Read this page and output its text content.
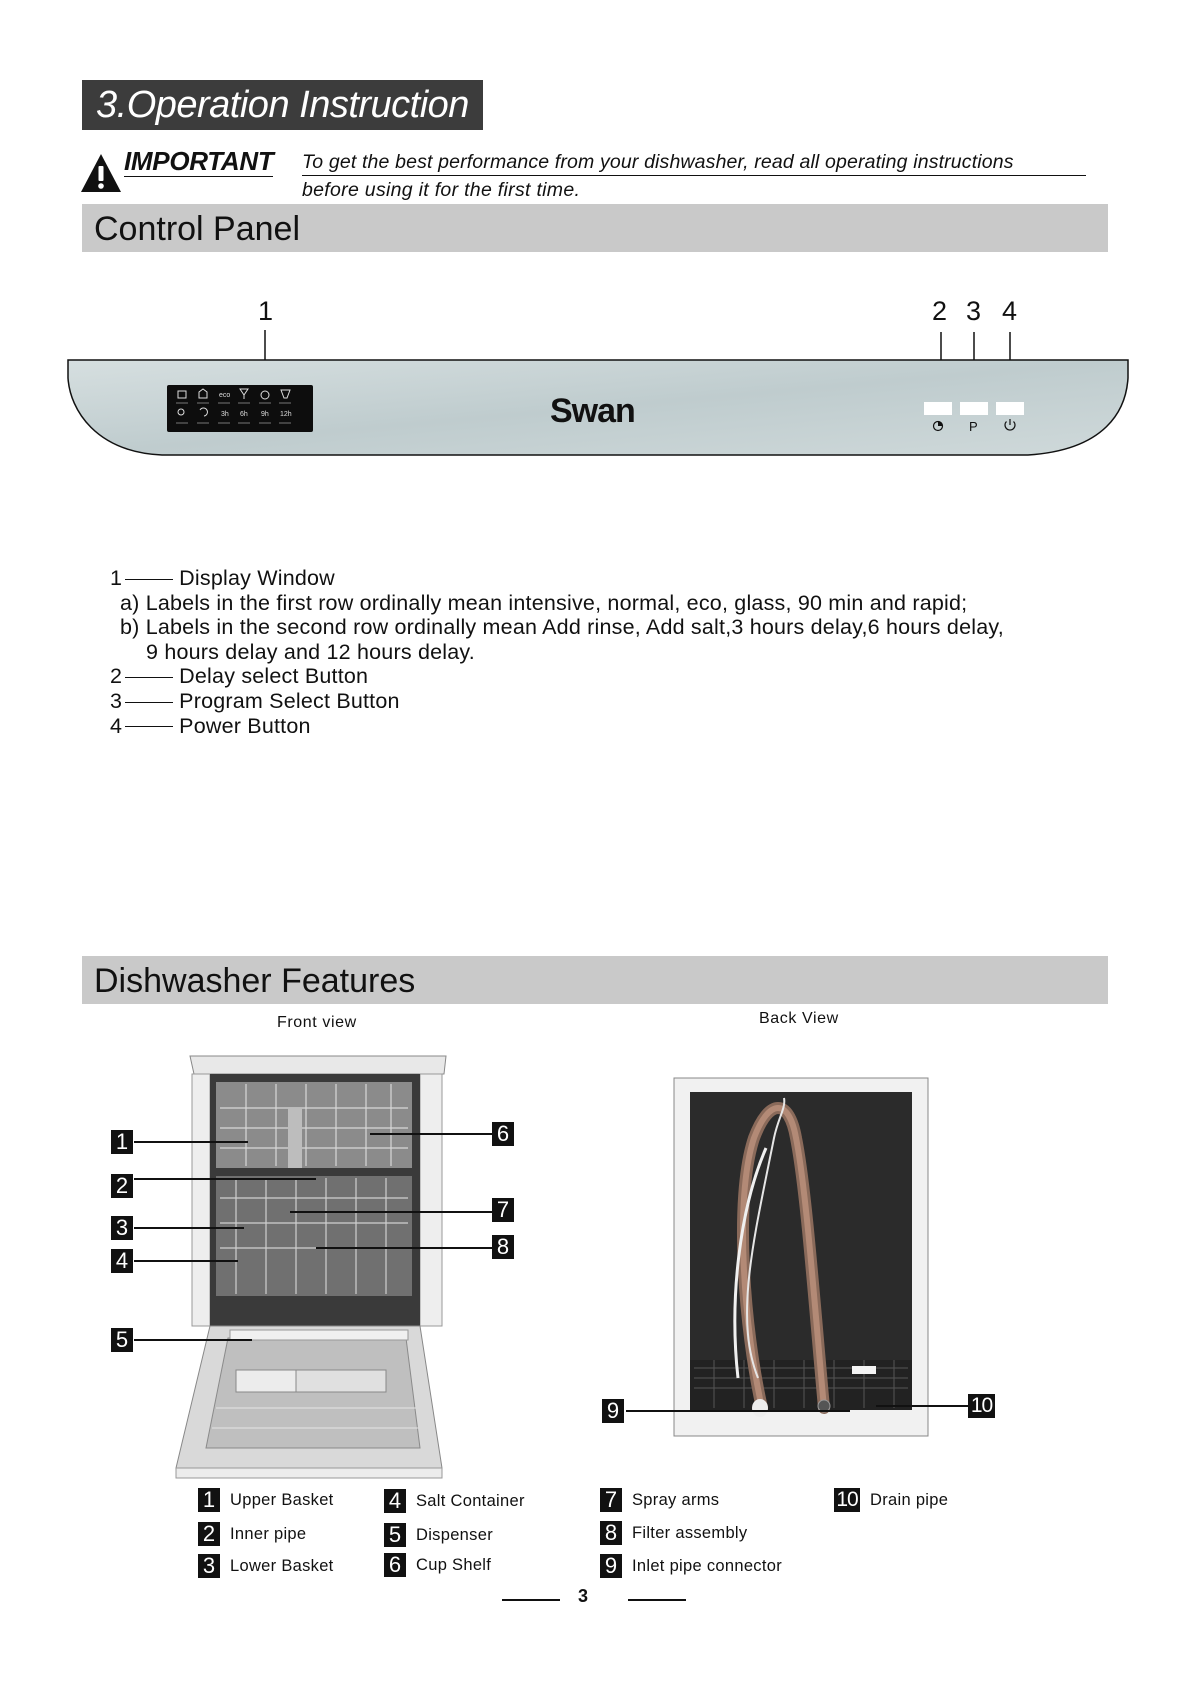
3.Operation Instruction
IMPORTANT To get the best performance from your dishwasher, read all operating instructions
before using it for the first time.
Control Panel
1	2 3 4
eco
3h 6h 9h 12h	Swan	P
1	Display Window
a) Labels in the first row ordinally mean intensive, normal, eco, glass, 90 min and rapid;
b) Labels in the second row ordinally mean Add rinse, Add salt,3 hours delay,6 hours delay,
9 hours delay and 12 hours delay.
2	Delay select Button
3	Program Select Button
4	Power Button
Dishwasher Features
Front view	Back View
1
2
3
4
5
6
7
8
9	10
1 Upper Basket
2 Inner pipe
3 Lower Basket
4 Salt Container
5 Dispenser
6 Cup Shelf
7 Spray arms
8 Filter assembly
9 Inlet pipe connector
10 Drain pipe
3
